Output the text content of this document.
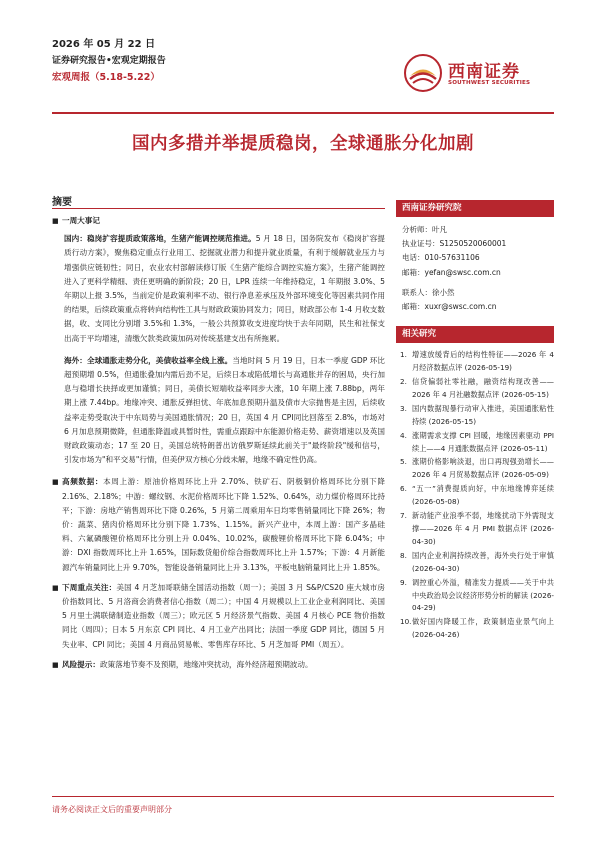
2026 年 05 月 22 日
证券研究报告•宏观定期报告
宏观周报（5.18-5.22）	西南证券
SOUTHWEST SECURITIES
国内多措并举提质稳岗，全球通胀分化加剧
摘要
■ 一周大事记
国内：稳岗扩容提质政策落地，生猪产能调控规范推进。5 月 18 日，国务院发布《稳岗扩容提质行动方案》，聚焦稳定重点行业用工、挖掘就业潜力和提升就业质量，有利于缓解就业压力与增强供应链韧性；同日，农业农村部解读修订版《生猪产能综合调控实施方案》，生猪产能调控进入了更科学精细、责任更明确的新阶段；20 日，LPR 连续一年维持稳定，1 年期报 3.0%、5 年期以上报 3.5%，当前定价是政策利率不动、银行净息差承压及外部环境变化等因素共同作用的结果，后续政策重点将转向结构性工具与财政政策协同发力；同日，财政部公布 1-4 月收支数据，收、支同比分别增 3.5%和 1.3%，一般公共预算收支进度均快于去年同期，民生和社保支出高于平均增速，清缴欠款类政策加码对传统基建支出有所拖累。
海外：全球通胀走势分化，美债收益率全线上涨。当地时间 5 月 19 日，日本一季度 GDP 环比超预期增 0.5%，但通胀叠加内需后劲不足，后续日本或陷低增长与高通胀并存的困局，央行加息与稳增长抉择或更加谨慎；同日，美债长短端收益率同步大涨，10 年期上涨 7.88bp，两年期上涨 7.44bp。地缘冲突、通胀反弹担忧、年底加息预期升温及债市大宗抛售是主因，后续收益率走势受取决于中东局势与美国通胀情况；20 日，英国 4 月 CPI同比回落至 2.8%，市场对 6 月加息预期微降，但通胀降温或具暂时性，需重点跟踪中东能源价格走势、薪资增速以及英国财政政策动态；17 至 20 日，美国总统特朗普出访俄罗斯延续此前关于"最终阶段"缓和信号，引发市场为"和平交易"行情，但美伊双方核心分歧未解，地缘不确定性仍高。
■ 高频数据：本周上游：原油价格周环比上升 2.70%、铁矿石、阴极铜价格周环比分别下降 2.16%、2.18%；中游：螺纹钢、水泥价格周环比下降 1.52%、0.64%，动力煤价格周环比持平；下游：房地产销售周环比下降 0.26%，5 月第二周乘用车日均零售销量同比下降 26%；物价：蔬菜、猪肉价格周环比分别下降 1.73%、1.15%。新兴产业中，本周上游：国产多晶硅料、六氟磷酸锂价格周环比分别上升 0.04%、10.02%，碳酸锂价格周环比下降 6.04%；中游：DXI 指数周环比上升 1.65%，国际数货船价综合指数周环比上升 1.57%；下游：4 月新能源汽车销量同比上升 9.70%，智能设备销量同比上升 3.13%，平板电脑销量同比上升 1.85%。
■ 下周重点关注：美国 4 月芝加哥联储全国活动指数（周一）；美国 3 月 S&P/CS20 座大城市房价指数同比、5 月洛商会消费者信心指数（周二）；中国 4 月规模以上工业企业利润同比、美国 5 月里士满联储制造业指数（周三）；欧元区 5 月经济景气指数、美国 4 月核心 PCE 物价指数同比（周四）；日本 5 月东京 CPI 同比、4 月工业产出同比；法国一季度 GDP 同比，德国 5 月失业率、CPI 同比；美国 4 月商品贸易帐、零售库存环比、5 月芝加哥 PMI（周五）。
■ 风险提示：政策落地节奏不及预期，地缘冲突扰动，海外经济超预期波动。
西南证券研究院
分析师：叶凡
执业证号：S1250520060001
电话：010-57631106
邮箱：yefan@swsc.com.cn
联系人：徐小然
邮箱：xuxr@swsc.com.cn
相关研究
1. 增速放缓背后的结构性特征——2026 年 4 月经济数据点评 (2026-05-19)
2. 信贷偏弱社零社融，融资结构现改善——2026 年 4 月社融数据点评 (2026-05-15)
3. 国内数据现暴行动审入推进，美国通胀粘性持续 (2026-05-15)
4. 涨期需求支撑 CPI 回暖，地缘因素驱动 PPI 续上——4 月通胀数据点评 (2026-05-11)
5. 涨期价格影响淡退，出口再现强劲增长——2026 年 4 月贸易数据点评 (2026-05-09)
6. “五一”消费提质向好，中东地缘博弈延续 (2026-05-08)
7. 新动能产业浪季不弱，地缘扰动下外需现支撑——2026 年 4 月 PMI 数据点评 (2026-04-30)
8. 国内企业利润持续改善，海外央行处于审慎 (2026-04-30)
9. 调控重心外溢，精准发力提质——关于中共中央政治局会议经济形势分析的解读 (2026-04-29)
10. 做好国内降暖工作，政策制造业景气向上 (2026-04-26)
请务必阅读正文后的重要声明部分
